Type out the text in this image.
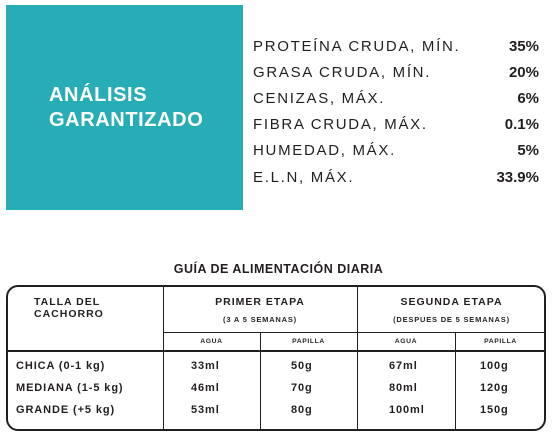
ANÁLISIS
GARANTIZADO
PROTEÍNA CRUDA, MÍN.	35%
GRASA CRUDA, MÍN.	20%
CENIZAS, MÁX.	6%
FIBRA CRUDA, MÁX.	0.1%
HUMEDAD, MÁX.	5%
E.L.N, MÁX.	33.9%
GUÍA DE ALIMENTACIÓN DIARIA
TALLA DEL
CACHORRO
PRIMER ETAPA
(3 A 5 SEMANAS)
SEGUNDA ETAPA
(DESPUES DE 5 SEMANAS)
AGUA	PAPILLA	AGUA	PAPILLA
CHICA (0-1 kg)	33ml	50g	67ml	100g
MEDIANA (1-5 kg)	46ml	70g	80ml	120g
GRANDE (+5 kg)	53ml	80g	100ml	150g
